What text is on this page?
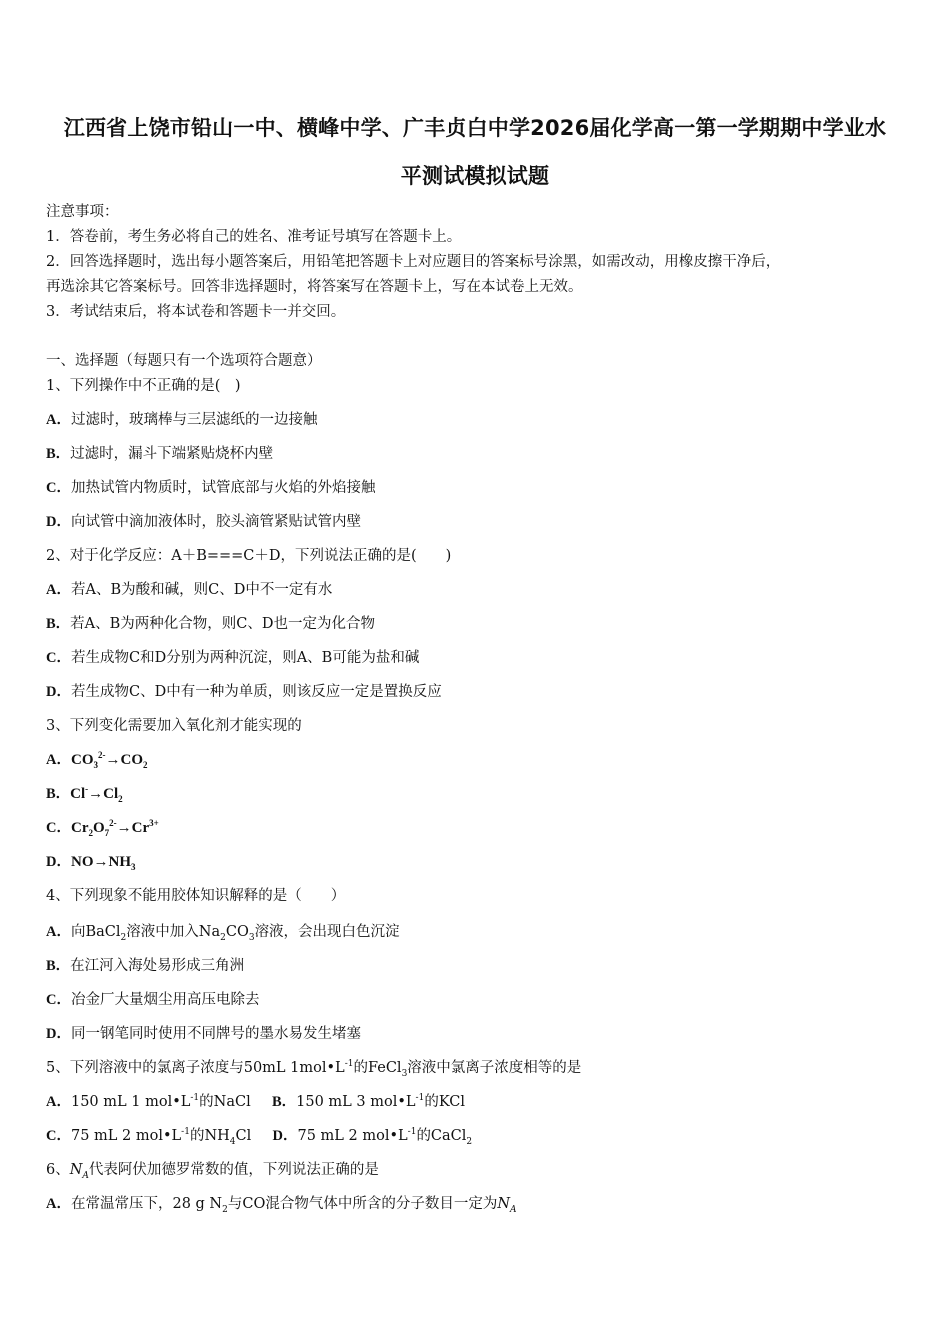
江西省上饶市铅山一中、横峰中学、广丰贞白中学2026届化学高一第一学期期中学业水
平测试模拟试题
注意事项：
1．答卷前，考生务必将自己的姓名、准考证号填写在答题卡上。
2．回答选择题时，选出每小题答案后，用铅笔把答题卡上对应题目的答案标号涂黑，如需改动，用橡皮擦干净后，
再选涂其它答案标号。回答非选择题时，将答案写在答题卡上，写在本试卷上无效。
3．考试结束后，将本试卷和答题卡一并交回。
一、选择题（每题只有一个选项符合题意）
1、下列操作中不正确的是(　)
A．过滤时，玻璃棒与三层滤纸的一边接触
B．过滤时，漏斗下端紧贴烧杯内壁
C．加热试管内物质时，试管底部与火焰的外焰接触
D．向试管中滴加液体时，胶头滴管紧贴试管内壁
2、对于化学反应：A＋B===C＋D，下列说法正确的是(　　)
A．若A、B为酸和碱，则C、D中不一定有水
B．若A、B为两种化合物，则C、D也一定为化合物
C．若生成物C和D分别为两种沉淀，则A、B可能为盐和碱
D．若生成物C、D中有一种为单质，则该反应一定是置换反应
3、下列变化需要加入氧化剂才能实现的
A．$CO_3^{2-}\to CO_2$
B．$Cl^-\to Cl_2$
C．$Cr_2O_7^{2-}\to Cr^{3+}$
D．$NO\to NH_3$
4、下列现象不能用胶体知识解释的是（　　）
A．向BaCl$_2$溶液中加入$Na_2CO_3$溶液，会出现白色沉淀
B．在江河入海处易形成三角洲
C．冶金厂大量烟尘用高压电除去
D．同一钢笔同时使用不同牌号的墨水易发生堵塞
5、下列溶液中的氯离子浓度与50mL $1mol•L^{-1}$的FeCl$_3$溶液中氯离子浓度相等的是
A．150 mL 1 $mol•L^{-1}$的NaCl B．150 mL 3 $mol•L^{-1}$的KCl
C．75 mL 2 $mol•L^{-1}$的$NH_4Cl$ D．75 mL 2 $mol•L^{-1}$的CaCl$_2$
6、$N_A$代表阿伏加德罗常数的值，下列说法正确的是
A．在常温常压下，28 g $N_2$与CO混合物气体中所含的分子数目一定为$N_A$
